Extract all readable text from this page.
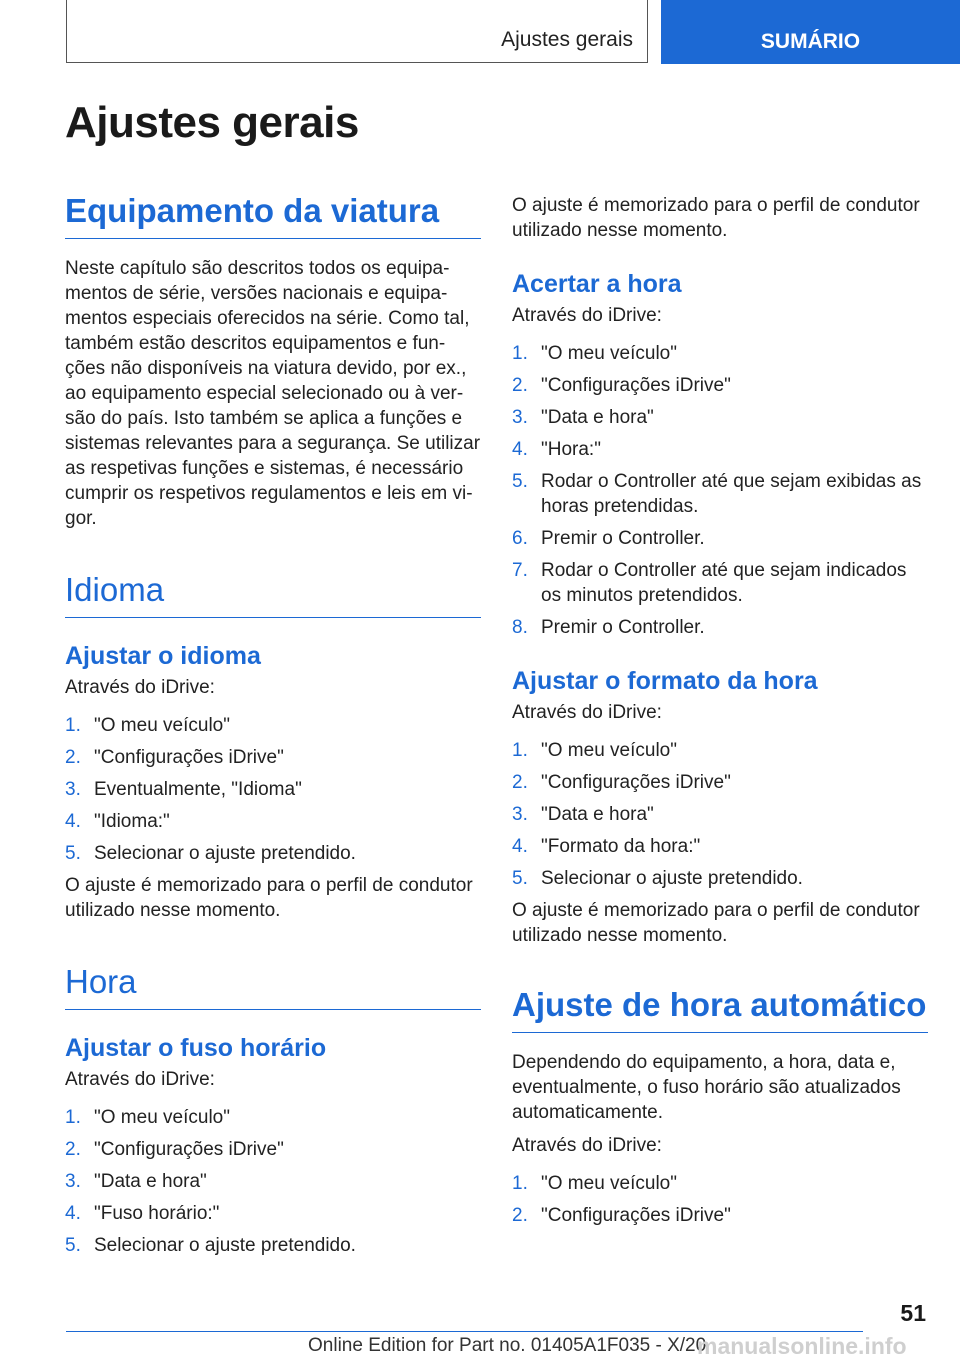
Ajustes gerais	SUMÁRIO
Ajustes gerais
Equipamento da viatura

Neste capítulo são descritos todos os equipa-mentos de série, versões nacionais e equipa-mentos especiais oferecidos na série. Como tal, também estão descritos equipamentos e fun-ções não disponíveis na viatura devido, por ex., ao equipamento especial selecionado ou à ver-são do país. Isto também se aplica a funções e sistemas relevantes para a segurança. Se utilizar as respetivas funções e sistemas, é necessário cumprir os respetivos regulamentos e leis em vi-gor.

Idioma
Ajustar o idioma

Através do iDrive:

1. "O meu veículo"
2. "Configurações iDrive"
3. Eventualmente, "Idioma"
4. "Idioma:"
5. Selecionar o ajuste pretendido.

O ajuste é memorizado para o perfil de condutor utilizado nesse momento.

Hora
Ajustar o fuso horário

Através do iDrive:

1. "O meu veículo"
2. "Configurações iDrive"
3. "Data e hora"
4. "Fuso horário:"
5. Selecionar o ajuste pretendido.

O ajuste é memorizado para o perfil de condutor utilizado nesse momento.

Acertar a hora

Através do iDrive:

1. "O meu veículo"
2. "Configurações iDrive"
3. "Data e hora"
4. "Hora:"
5. Rodar o Controller até que sejam exibidas as horas pretendidas.
6. Premir o Controller.
7. Rodar o Controller até que sejam indicados os minutos pretendidos.
8. Premir o Controller.
Ajustar o formato da hora

Através do iDrive:

1. "O meu veículo"
2. "Configurações iDrive"
3. "Data e hora"
4. "Formato da hora:"
5. Selecionar o ajuste pretendido.

O ajuste é memorizado para o perfil de condutor utilizado nesse momento.

Ajuste de hora automático

Dependendo do equipamento, a hora, data e, eventualmente, o fuso horário são atualizados automaticamente.

Através do iDrive:

1. "O meu veículo"
2. "Configurações iDrive"
51
Online Edition for Part no. 01405A1F035 - X/20
manualsonline.info
